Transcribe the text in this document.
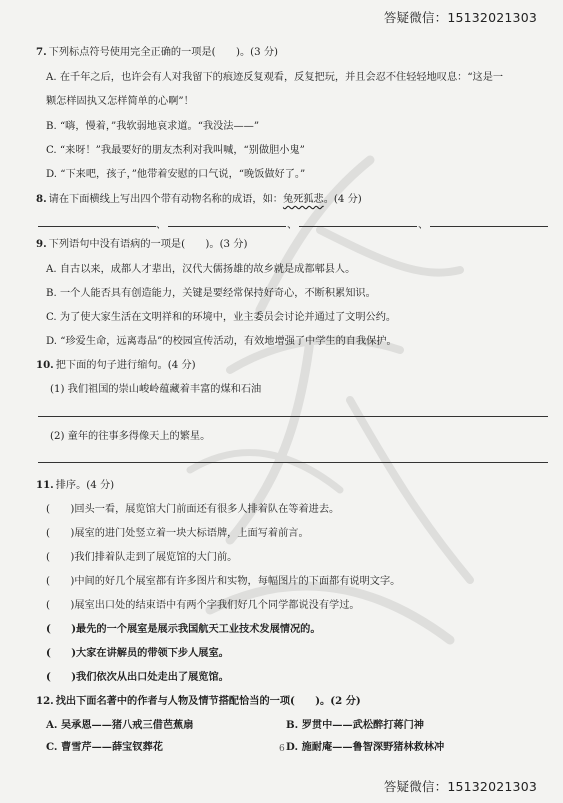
答疑微信：15132021303
7. 下列标点符号使用完全正确的一项是(　　)。(3 分)
A. 在千年之后，也许会有人对我留下的痕迹反复观看，反复把玩，并且会忍不住轻轻地叹息：“这是一
颗怎样固执又怎样简单的心啊”！
B. “嗨，慢着，”我软弱地哀求道。“我没法——”
C. “来呀！”我最要好的朋友杰利对我叫喊，“别做胆小鬼”
D. “下来吧，孩子，”他带着安慰的口气说，“晚饭做好了。”
8. 请在下面横线上写出四个带有动物名称的成语，如：兔死狐悲。(4 分)
、	、	、
9. 下列语句中没有语病的一项是(　　)。(3 分)
A. 自古以来，成都人才辈出，汉代大儒扬雄的故乡就是成都郫县人。
B. 一个人能否具有创造能力，关键是要经常保持好奇心，不断积累知识。
C. 为了使大家生活在文明祥和的环境中，业主委员会讨论并通过了文明公约。
D. “珍爱生命，远离毒品”的校园宣传活动，有效地增强了中学生的自我保护。
10. 把下面的句子进行缩句。(4 分)
(1) 我们祖国的崇山峻岭蕴藏着丰富的煤和石油
(2) 童年的往事多得像天上的繁星。
11. 排序。(4 分)
(　　)回头一看，展览馆大门前面还有很多人排着队在等着进去。
(　　)展室的进门处竖立着一块大标语牌，上面写着前言。
(　　)我们排着队走到了展览馆的大门前。
(　　)中间的好几个展室都有许多图片和实物，每幅图片的下面都有说明文字。
(　　)展室出口处的结束语中有两个字我们好几个同学都说没有学过。
(　　)最先的一个展室是展示我国航天工业技术发展情况的。
(　　)大家在讲解员的带领下步人展室。
(　　)我们依次从出口处走出了展览馆。
12. 找出下面名著中的作者与人物及情节搭配恰当的一项(　　)。(2 分)
A. 吴承恩——猪八戒三借芭蕉扇	B. 罗贯中——武松醉打蒋门神
C. 曹雪芹——薛宝钗葬花	D. 施耐庵——鲁智深野猪林救林冲
6
答疑微信：15132021303
